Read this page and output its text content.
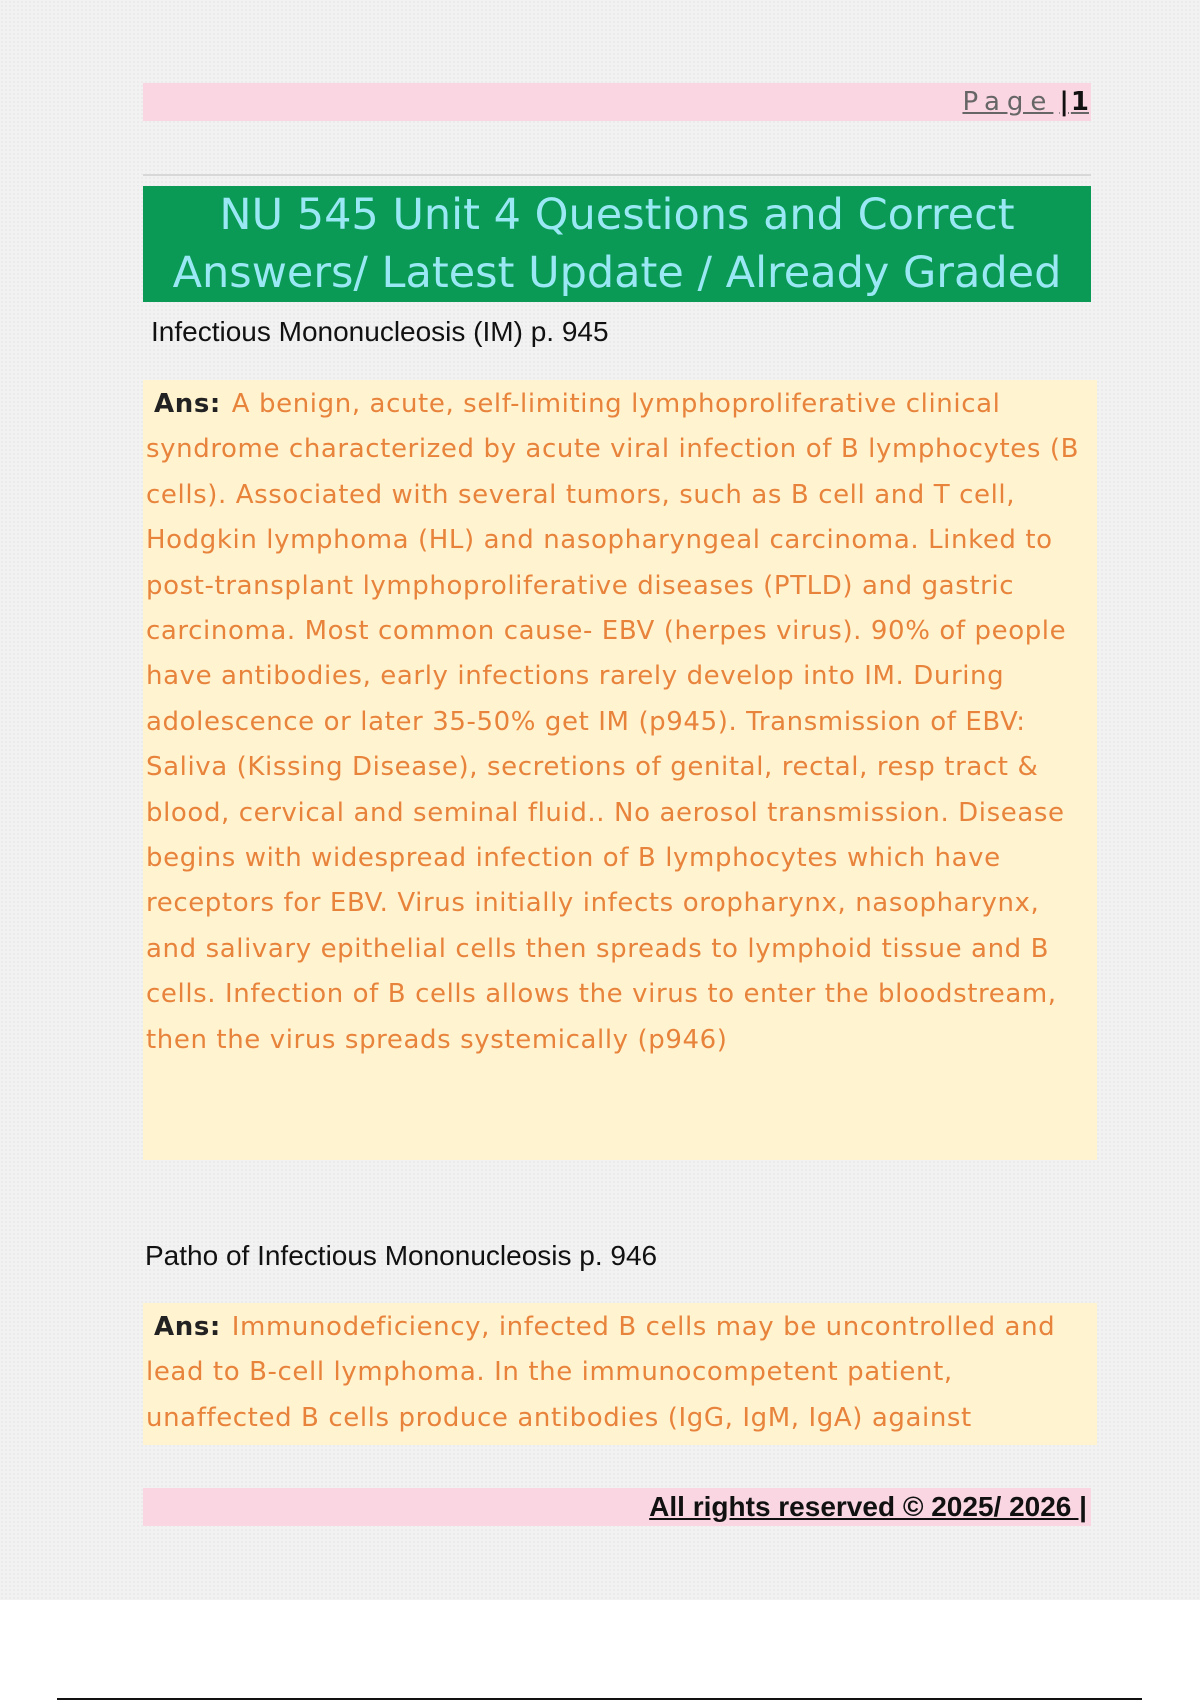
Page | 1
NU 545 Unit 4 Questions and Correct Answers/ Latest Update / Already Graded
Infectious Mononucleosis (IM) p. 945
Ans: A benign, acute, self-limiting lymphoproliferative clinical syndrome characterized by acute viral infection of B lymphocytes (B cells). Associated with several tumors, such as B cell and T cell, Hodgkin lymphoma (HL) and nasopharyngeal carcinoma. Linked to post-transplant lymphoproliferative diseases (PTLD) and gastric carcinoma. Most common cause- EBV (herpes virus). 90% of people have antibodies, early infections rarely develop into IM. During adolescence or later 35-50% get IM (p945). Transmission of EBV: Saliva (Kissing Disease), secretions of genital, rectal, resp tract & blood, cervical and seminal fluid.. No aerosol transmission. Disease begins with widespread infection of B lymphocytes which have receptors for EBV. Virus initially infects oropharynx, nasopharynx, and salivary epithelial cells then spreads to lymphoid tissue and B cells. Infection of B cells allows the virus to enter the bloodstream, then the virus spreads systemically (p946)
Patho of Infectious Mononucleosis p. 946
Ans: Immunodeficiency, infected B cells may be uncontrolled and lead to B-cell lymphoma. In the immunocompetent patient, unaffected B cells produce antibodies (IgG, IgM, IgA) against
All rights reserved © 2025/ 2026 |
